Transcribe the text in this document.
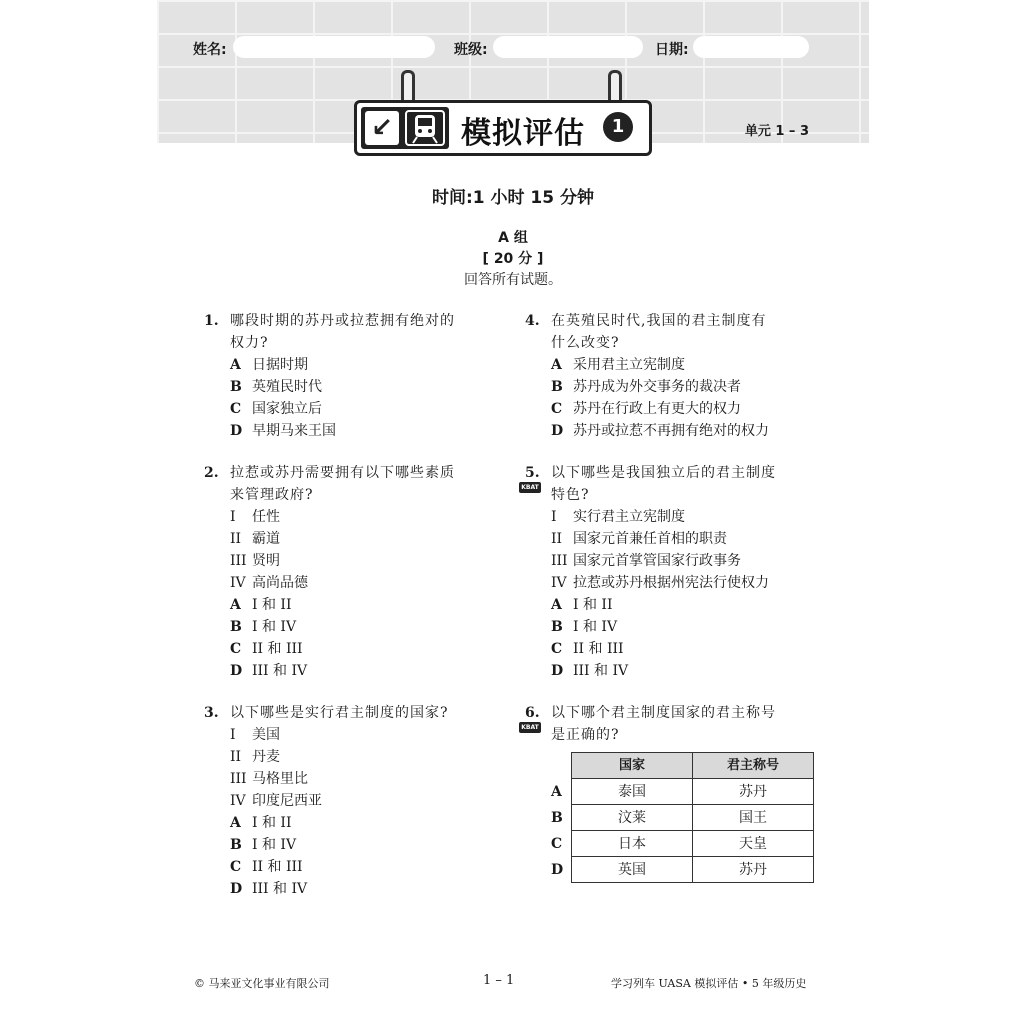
姓名:	班级:	日期:
单元 1 – 3
↙ 模拟评估	1
时间:1 小时 15 分钟
A 组
[ 20 分 ]
回答所有试题。
1. 哪段时期的苏丹或拉惹拥有绝对的
权力?
A 日据时期
B 英殖民时代
C 国家独立后
D 早期马来王国
2. 拉惹或苏丹需要拥有以下哪些素质
来管理政府?
I	任性
II 霸道
III 贤明
IV 高尚品德
A I 和 II
B I 和 IV
C II 和 III
D III 和 IV
3. 以下哪些是实行君主制度的国家?
I	美国
II 丹麦
III 马格里比
IV 印度尼西亚
A I 和 II
B I 和 IV
C II 和 III
D III 和 IV
4. 在英殖民时代,我国的君主制度有
什么改变?
A 采用君主立宪制度
B 苏丹成为外交事务的裁决者
C 苏丹在行政上有更大的权力
D 苏丹或拉惹不再拥有绝对的权力
5.
KBAT
以下哪些是我国独立后的君主制度
特色?
I	实行君主立宪制度
II 国家元首兼任首相的职责
III 国家元首掌管国家行政事务
IV 拉惹或苏丹根据州宪法行使权力
A I 和 II
B I 和 IV
C II 和 III
D III 和 IV
6.
KBAT
以下哪个君主制度国家的君主称号
是正确的?
	国家	君主称号
A	泰国	苏丹
B	汶莱	国王
C	日本	天皇
D	英国	苏丹
© 马来亚文化事业有限公司	1 – 1	学习列车 UASA 模拟评估 • 5 年级历史
